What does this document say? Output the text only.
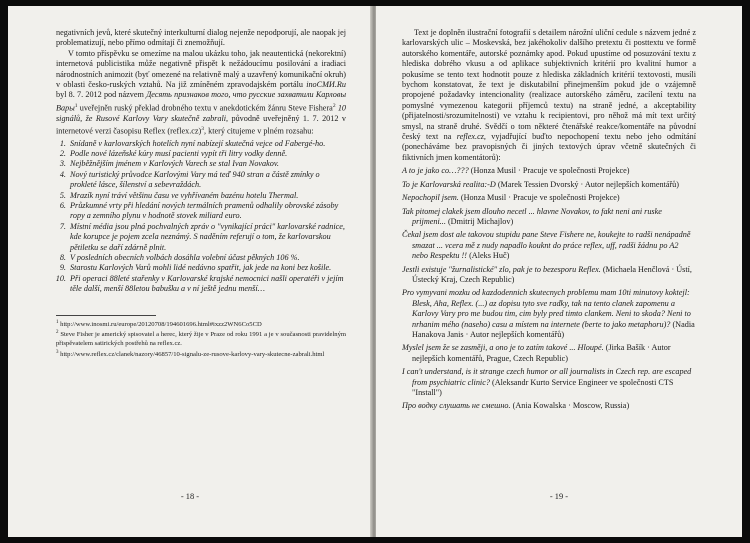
negativních jevů, které skutečný interkulturní dialog nejenže nepodporují, ale naopak jej problematizují, nebo přímo odmítají či znemožňují.

V tomto příspěvku se omezíme na malou ukázku toho, jak neautentická (nekorektní) internetová publicistika může negativně přispět k nežádoucímu posilování a iradiaci národnostních animozit (byť omezené na relativně malý a uzavřený komunikační okruh) v oblasti česko-ruských vztahů. Na již zmíněném zpravodajském portálu inoCMИ.Ru byl 8. 7. 2012 pod názvem Десять признаков того, что русские захватили Карловы Вары$^1$ uveřejněn ruský překlad drobného textu v anekdotickém žánru Steve Fishera$^2$ 10 signálů, že Rusové Karlovy Vary skutečně zabrali, původně uveřejněný 1. 7. 2012 v internetové verzi časopisu Reflex (reflex.cz)$^3$, který citujeme v plném rozsahu:

1. Snídaně v karlovarských hotelích nyní nabízejí skutečná vejce od Fabergé-ho.
2. Podle nové lázeňské kúry musí pacienti vypít tři litry vodky denně.
3. Nejběžnějším jménem v Karlových Varech se stal Ivan Novakov.
4. Nový turistický průvodce Karlovými Vary má teď 940 stran a částě zmínky o prokleté lásce, šílenství a sebevraždách.
5. Mrazík nyní tráví většinu času ve vyhřívaném bazénu hotelu Thermal.
6. Průzkumné vrty při hledání nových termálních pramenů odhalily obrovské zásoby ropy a zemního plynu v hodnotě stovek miliard euro.
7. Místní média jsou plná pochvalných zpráv o "vynikající práci" karlovarské radnice, kde korupce je pojem zcela neznámý. S naděním referují o tom, že karlovarskou pětiletku se daří zdárně plnit.
8. V posledních obecních volbách dosáhla volební účast pěkných 106 %.
9. Starostu Karlových Varů mohli lidé nedávno spatřit, jak jede na koni bez košile.
10. Při operaci 88leté stařenky v Karlovarské krajské nemocnici našli operatéři v jejím těle další, menší 88letou babušku a v ní ještě jednu menší…

$^1$ http://www.inosmi.ru/europe/20120708/194601696.html#ixzz2WN6Co5CD

$^2$ Steve Fisher je americký spisovatel a herec, který žije v Praze od roku 1991 a je v současnosti pravidelným přispěvatelem satirických postřehů na reflex.cz.

$^3$ http://www.reflex.cz/clanek/nazory/46857/10-signalu-ze-rusove-karlovy-vary-skutecne-zabrali.html

- 18 -

Text je doplněn ilustrační fotografií s detailem nárožní uliční cedule s názvem jedné z karlovarských ulic – Moskevská, bez jakéhokoliv dalšího pretextu či posttextu ve formě autorského komentáře, autorské poznámky apod. Pokud upustíme od posuzování textu z hlediska dobrého vkusu a od aplikace subjektivních kritérií pro kvalitní humor a pokusíme se tento text hodnotit pouze z hlediska základních kritérií textovosti, musíli bychom konstatovat, že text je diskutabilní přinejmenším pokud jde o vzájemně propojené požadavky intencionality (realizace autorského záměru, zacílení textu na pomyslné vymezenou kategorii příjemců textu) na straně jedné, a akceptability (přijatelnosti/srozumitelnosti) ve vztahu k recipientovi, pro něhož má mít text určitý smysl, na straně druhé. Svědčí o tom některé čtenářské reakce/komentáře na původní český text na reflex.cz, vyjadřující buďto nepochopení textu nebo jeho odmítání (ponecháváme bez pravopisných či jiných textových úprav včetně skutečných či fiktivních jmen komentátorů):

A to je jako co…??? (Honza Musil · Pracuje ve společnosti Projekce)

To je Karlovarská realita:-D (Marek Tessien Dvorský · Autor nejlepších komentářů)

Nepochopil jsem. (Honza Musil · Pracuje ve společnosti Projekce)

Tak pitomej clakek jsem dlouho necetl ... hlavne Novakov, to fakt neni ani ruske prijmeni... (Dmitrij Michajlov)

Čekal jsem dost ale takovou stupidu pane Steve Fishere ne, koukejte to radši nenápadně smazat ... vcera mě z nudy napadlo kouknt do práce reflex, uff, radši žádnu po A2 nebo Respektu !! (Aleks Huč)

Jestli existuje "žurnalistické" zlo, pak je to bezesporu Reflex. (Michaela Henčlová · Ústí, Ústecký Kraj, Czech Republic)

Pro vymyvani mozku od kazdodennich skutecnych problemu mam 10ti minutovy koktejl: Blesk, Aha, Reflex. (...) az dopisu tyto sve radky, tak na tento clanek zapomenu a Karlovy Vary pro me budou tim, cim byly pred timto clankem. Neni to skoda? Neni to nrhanim mého (naseho) casu a místem na internete (berte to jako metaphoru)? (Nadia Hanakova Janis · Autor nejlepších komentářů)

Myslel jsem že se zasměji, a ono je to zatím takové ... Hloupé. (Jirka Bašík · Autor nejlepších komentářů, Prague, Czech Republic)

I can't understand, is it strange czech humor or all journalists in Czech rep. are escaped from psychiatric clinic? (Aleksandr Kurto Service Engineer ve společnosti CTS "Install")

Про водку слушать не смешно. (Ania Kowalska · Moscow, Russia)

- 19 -
